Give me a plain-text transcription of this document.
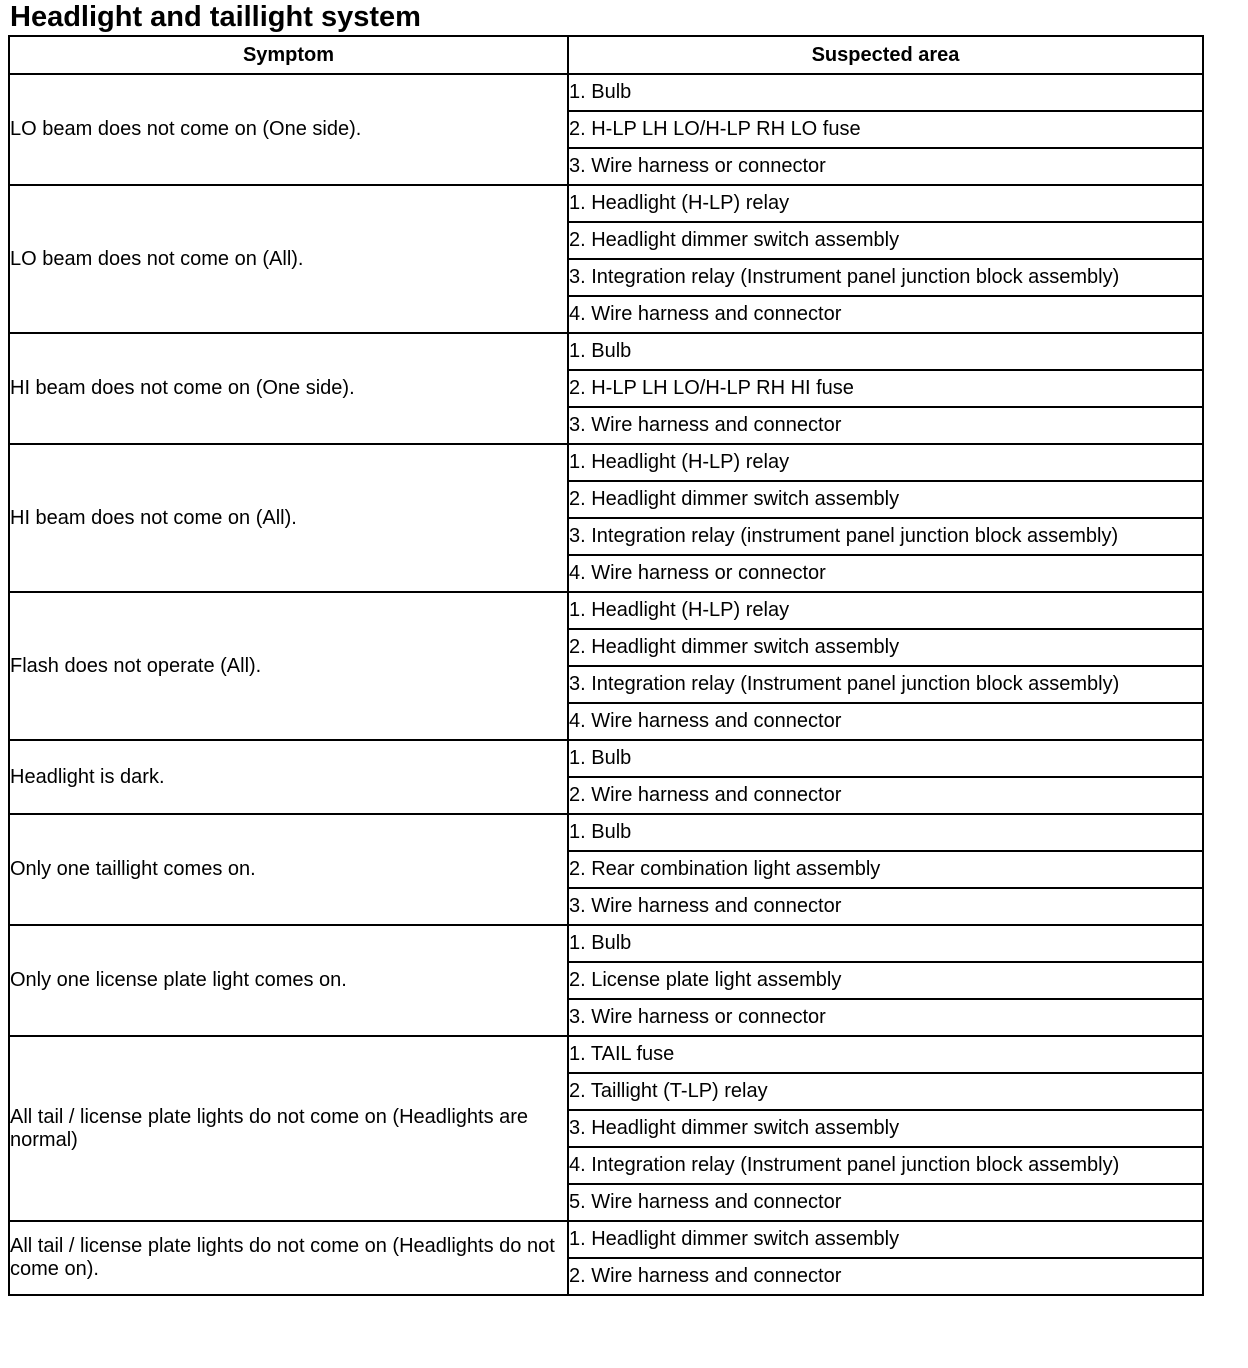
Headlight and taillight system
Symptom	Suspected area
LO beam does not come on (One side).	1. Bulb
	2. H-LP LH LO/H-LP RH LO fuse
	3. Wire harness or connector
LO beam does not come on (All).	1. Headlight (H-LP) relay
	2. Headlight dimmer switch assembly
	3. Integration relay (Instrument panel junction block assembly)
	4. Wire harness and connector
HI beam does not come on (One side).	1. Bulb
	2. H-LP LH LO/H-LP RH HI fuse
	3. Wire harness and connector
HI beam does not come on (All).	1. Headlight (H-LP) relay
	2. Headlight dimmer switch assembly
	3. Integration relay (instrument panel junction block assembly)
	4. Wire harness or connector
Flash does not operate (All).	1. Headlight (H-LP) relay
	2. Headlight dimmer switch assembly
	3. Integration relay (Instrument panel junction block assembly)
	4. Wire harness and connector
Headlight is dark.	1. Bulb
	2. Wire harness and connector
Only one taillight comes on.	1. Bulb
	2. Rear combination light assembly
	3. Wire harness and connector
Only one license plate light comes on.	1. Bulb
	2. License plate light assembly
	3. Wire harness or connector
All tail / license plate lights do not come on (Headlights are normal)	1. TAIL fuse
	2. Taillight (T-LP) relay
	3. Headlight dimmer switch assembly
	4. Integration relay (Instrument panel junction block assembly)
	5. Wire harness and connector
All tail / license plate lights do not come on (Headlights do not come on).	1. Headlight dimmer switch assembly
	2. Wire harness and connector
